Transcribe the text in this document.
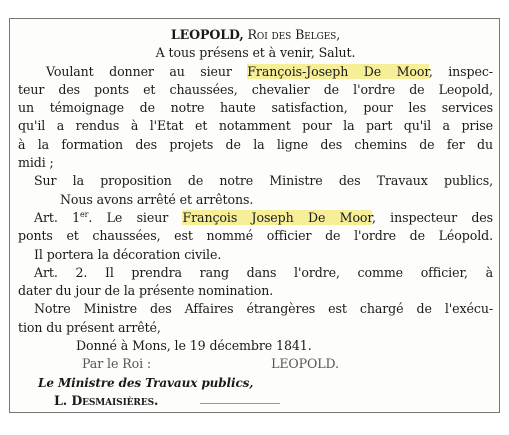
LEOPOLD, Roi des Belges,
A tous présens et à venir, Salut.
Voulant donner au sieur François-Joseph De Moor, inspec-
teur des ponts et chaussées, chevalier de l'ordre de Leopold,
un témoignage de notre haute satisfaction, pour les services
qu'il a rendus à l'Etat et notamment pour la part qu'il a prise
à la formation des projets de la ligne des chemins de fer du
midi ;
Sur la proposition de notre Ministre des Travaux publics,
Nous avons arrêté et arrêtons.
Art. 1er. Le sieur François Joseph De Moor, inspecteur des
ponts et chaussées, est nommé officier de l'ordre de Léopold.
Il portera la décoration civile.
Art. 2. Il prendra rang dans l'ordre, comme officier, à
dater du jour de la présente nomination.
Notre Ministre des Affaires étrangères est chargé de l'exécu-
tion du présent arrêté,
Donné à Mons, le 19 décembre 1841.
Par le Roi :	LEOPOLD.
Le Ministre des Travaux publics,
L. Desmaisières.
